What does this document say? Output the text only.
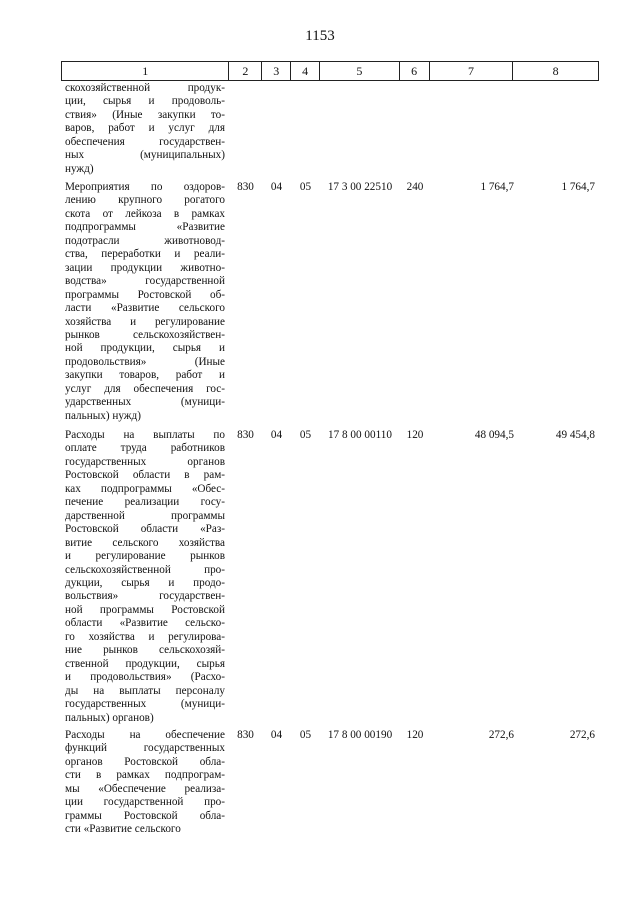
1153
1	2	3	4	5	6	7	8
скохозяйственной продук-
ции, сырья и продоволь-
ствия» (Иные закупки то-
варов, работ и услуг для
обеспечения государствен-
ных (муниципальных)
нужд)
Мероприятия по оздоров-
лению крупного рогатого
скота от лейкоза в рамках
подпрограммы «Развитие
подотрасли животновод-
ства, переработки и реали-
зации продукции животно-
водства» государственной
программы Ростовской об-
ласти «Развитие сельского
хозяйства и регулирование
рынков сельскохозяйствен-
ной продукции, сырья и
продовольствия» (Иные
закупки товаров, работ и
услуг для обеспечения гос-
ударственных (муници-
пальных) нужд)
830	04	05	17 3 00 22510	240	1 764,7	1 764,7
Расходы на выплаты по
оплате труда работников
государственных органов
Ростовской области в рам-
ках подпрограммы «Обес-
печение реализации госу-
дарственной программы
Ростовской области «Раз-
витие сельского хозяйства
и регулирование рынков
сельскохозяйственной про-
дукции, сырья и продо-
вольствия» государствен-
ной программы Ростовской
области «Развитие сельско-
го хозяйства и регулирова-
ние рынков сельскохозяй-
ственной продукции, сырья
и продовольствия» (Расхо-
ды на выплаты персоналу
государственных (муници-
пальных) органов)
830	04	05	17 8 00 00110	120	48 094,5	49 454,8
Расходы на обеспечение
функций государственных
органов Ростовской обла-
сти в рамках подпрограм-
мы «Обеспечение реализа-
ции государственной про-
граммы Ростовской обла-
сти «Развитие сельского
830	04	05	17 8 00 00190	120	272,6	272,6
